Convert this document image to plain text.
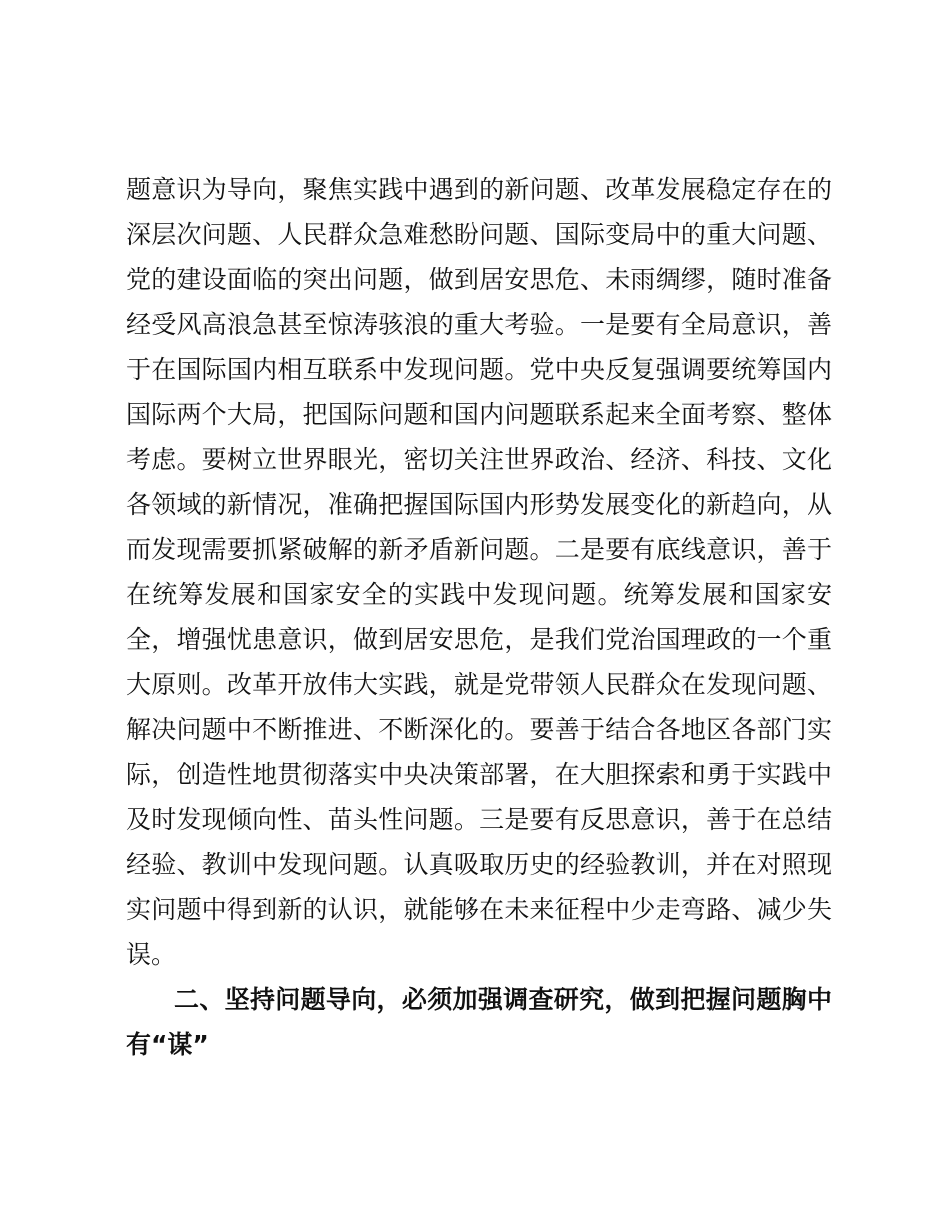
题意识为导向，聚焦实践中遇到的新问题、改革发展稳定存在的
深层次问题、人民群众急难愁盼问题、国际变局中的重大问题、
党的建设面临的突出问题，做到居安思危、未雨绸缪，随时准备
经受风高浪急甚至惊涛骇浪的重大考验。一是要有全局意识，善
于在国际国内相互联系中发现问题。党中央反复强调要统筹国内
国际两个大局，把国际问题和国内问题联系起来全面考察、整体
考虑。要树立世界眼光，密切关注世界政治、经济、科技、文化
各领域的新情况，准确把握国际国内形势发展变化的新趋向，从
而发现需要抓紧破解的新矛盾新问题。二是要有底线意识，善于
在统筹发展和国家安全的实践中发现问题。统筹发展和国家安
全，增强忧患意识，做到居安思危，是我们党治国理政的一个重
大原则。改革开放伟大实践，就是党带领人民群众在发现问题、
解决问题中不断推进、不断深化的。要善于结合各地区各部门实
际，创造性地贯彻落实中央决策部署，在大胆探索和勇于实践中
及时发现倾向性、苗头性问题。三是要有反思意识，善于在总结
经验、教训中发现问题。认真吸取历史的经验教训，并在对照现
实问题中得到新的认识，就能够在未来征程中少走弯路、减少失
误。
二、坚持问题导向，必须加强调查研究，做到把握问题胸中
有“谋”
